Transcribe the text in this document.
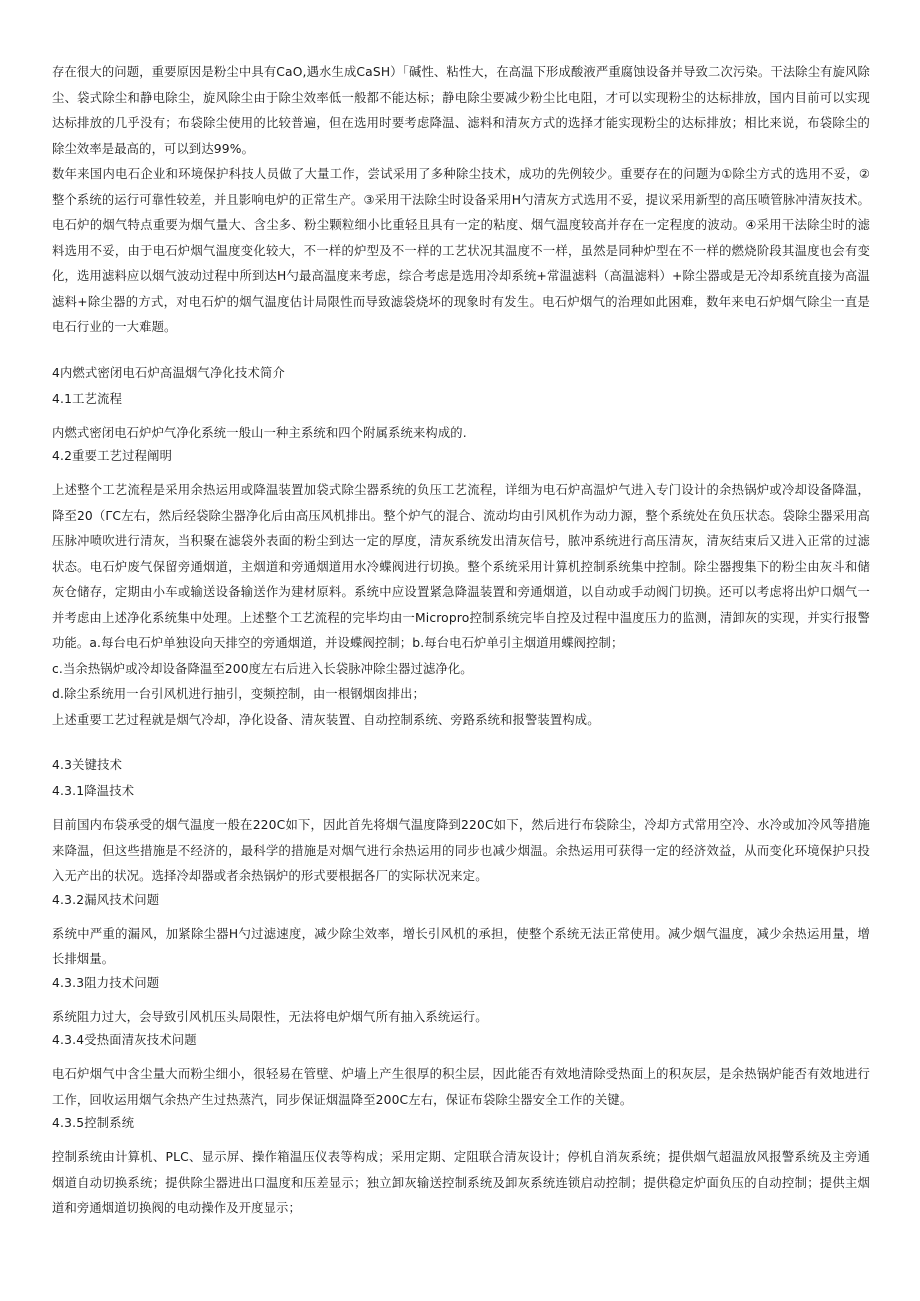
存在很大的问题，重要原因是粉尘中具有CaO,遇水生成CaSH）「碱性、粘性大，在高温下形成酸液严重腐蚀设备并导致二次污染。干法除尘有旋风除尘、袋式除尘和静电除尘，旋风除尘由于除尘效率低一般都不能达标；静电除尘要减少粉尘比电阻，才可以实现粉尘的达标排放，国内目前可以实现达标排放的几乎没有；布袋除尘使用的比较普遍，但在选用时要考虑降温、滤料和清灰方式的选择才能实现粉尘的达标排放；相比来说，布袋除尘的除尘效率是最高的，可以到达99%。

数年来国内电石企业和环境保护科技人员做了大量工作，尝试采用了多种除尘技术，成功的先例较少。重要存在的问题为①除尘方式的选用不妥，②整个系统的运行可靠性较差，并且影响电炉的正常生产。③采用干法除尘时设备采用H勺清灰方式选用不妥，提议采用新型的高压喷管脉冲清灰技术。电石炉的烟气特点重要为烟气量大、含尘多、粉尘颗粒细小比重轻且具有一定的粘度、烟气温度较高并存在一定程度的波动。④采用干法除尘时的滤料选用不妥，由于电石炉烟气温度变化较大，不一样的炉型及不一样的工艺状况其温度不一样，虽然是同种炉型在不一样的燃烧阶段其温度也会有变化，选用滤料应以烟气波动过程中所到达H勺最高温度来考虑，综合考虑是选用冷却系统+常温滤料（高温滤料）+除尘器或是无冷却系统直接为高温滤料+除尘器的方式，对电石炉的烟气温度估计局限性而导致滤袋烧坏的现象时有发生。电石炉烟气的治理如此困难，数年来电石炉烟气除尘一直是电石行业的一大难题。

4内燃式密闭电石炉高温烟气净化技术简介

4.1工艺流程

内燃式密闭电石炉炉气净化系统一般山一种主系统和四个附属系统来构成的.

4.2重要工艺过程阐明

上述整个工艺流程是采用余热运用或降温装置加袋式除尘器系统的负压工艺流程，详细为电石炉高温炉气进入专门设计的余热锅炉或冷却设备降温，降至20（ΓC左右，然后经袋除尘器净化后由高压风机排出。整个炉气的混合、流动均由引风机作为动力源，整个系统处在负压状态。袋除尘器采用高压脉冲喷吹进行清灰，当积聚在滤袋外表面的粉尘到达一定的厚度，清灰系统发出清灰信号，脓冲系统进行高压清灰，清灰结束后又进入正常的过滤状态。电石炉废气保留旁通烟道，主烟道和旁通烟道用水冷蝶阀进行切换。整个系统采用计算机控制系统集中控制。除尘器搜集下的粉尘由灰斗和储灰仓储存，定期由小车或输送设备输送作为建材原料。系统中应设置紧急降温装置和旁通烟道，以自动或手动阀门切换。还可以考虑将出炉口烟气一并考虑由上述净化系统集中处理。上述整个工艺流程的完毕均由一Micropro控制系统完毕自控及过程中温度压力的监测，清卸灰的实现，并实行报警功能。a.每台电石炉单独设向天排空的旁通烟道，并设蝶阀控制；b.每台电石炉单引主烟道用蝶阀控制；

c.当余热锅炉或冷却设备降温至200度左右后进入长袋脉冲除尘器过滤净化。

d.除尘系统用一台引风机进行抽引，变频控制，由一根钢烟囱排出；

上述重要工艺过程就是烟气冷却，净化设备、清灰装置、自动控制系统、旁路系统和报警装置构成。

4.3关键技术

4.3.1降温技术

目前国内布袋承受的烟气温度一般在220C如下，因此首先将烟气温度降到220C如下，然后进行布袋除尘，冷却方式常用空冷、水冷或加冷风等措施来降温，但这些措施是不经济的，最科学的措施是对烟气进行余热运用的同步也减少烟温。余热运用可获得一定的经济效益，从而变化环境保护只投入无产出的状况。选择冷却器或者余热锅炉的形式要根据各厂的实际状况来定。

4.3.2漏风技术问题

系统中严重的漏风，加紧除尘器H勺过滤速度，减少除尘效率，增长引风机的承担，使整个系统无法正常使用。减少烟气温度，减少余热运用量，增长排烟量。

4.3.3阻力技术问题

系统阻力过大，会导致引风机压头局限性，无法将电炉烟气所有抽入系统运行。

4.3.4受热面清灰技术问题

电石炉烟气中含尘量大而粉尘细小，很轻易在管壁、炉墙上产生很厚的积尘层，因此能否有效地清除受热面上的积灰层，是余热锅炉能否有效地进行工作，回收运用烟气余热产生过热蒸汽，同步保证烟温降至200C左右，保证布袋除尘器安全工作的关键。

4.3.5控制系统

控制系统由计算机、PLC、显示屏、操作箱温压仪表等构成；采用定期、定阻联合清灰设计；停机自消灰系统；提供烟气超温放风报警系统及主旁通烟道自动切换系统；提供除尘器进出口温度和压差显示；独立卸灰输送控制系统及卸灰系统连锁启动控制；提供稳定炉面负压的自动控制；提供主烟道和旁通烟道切换阀的电动操作及开度显示；
